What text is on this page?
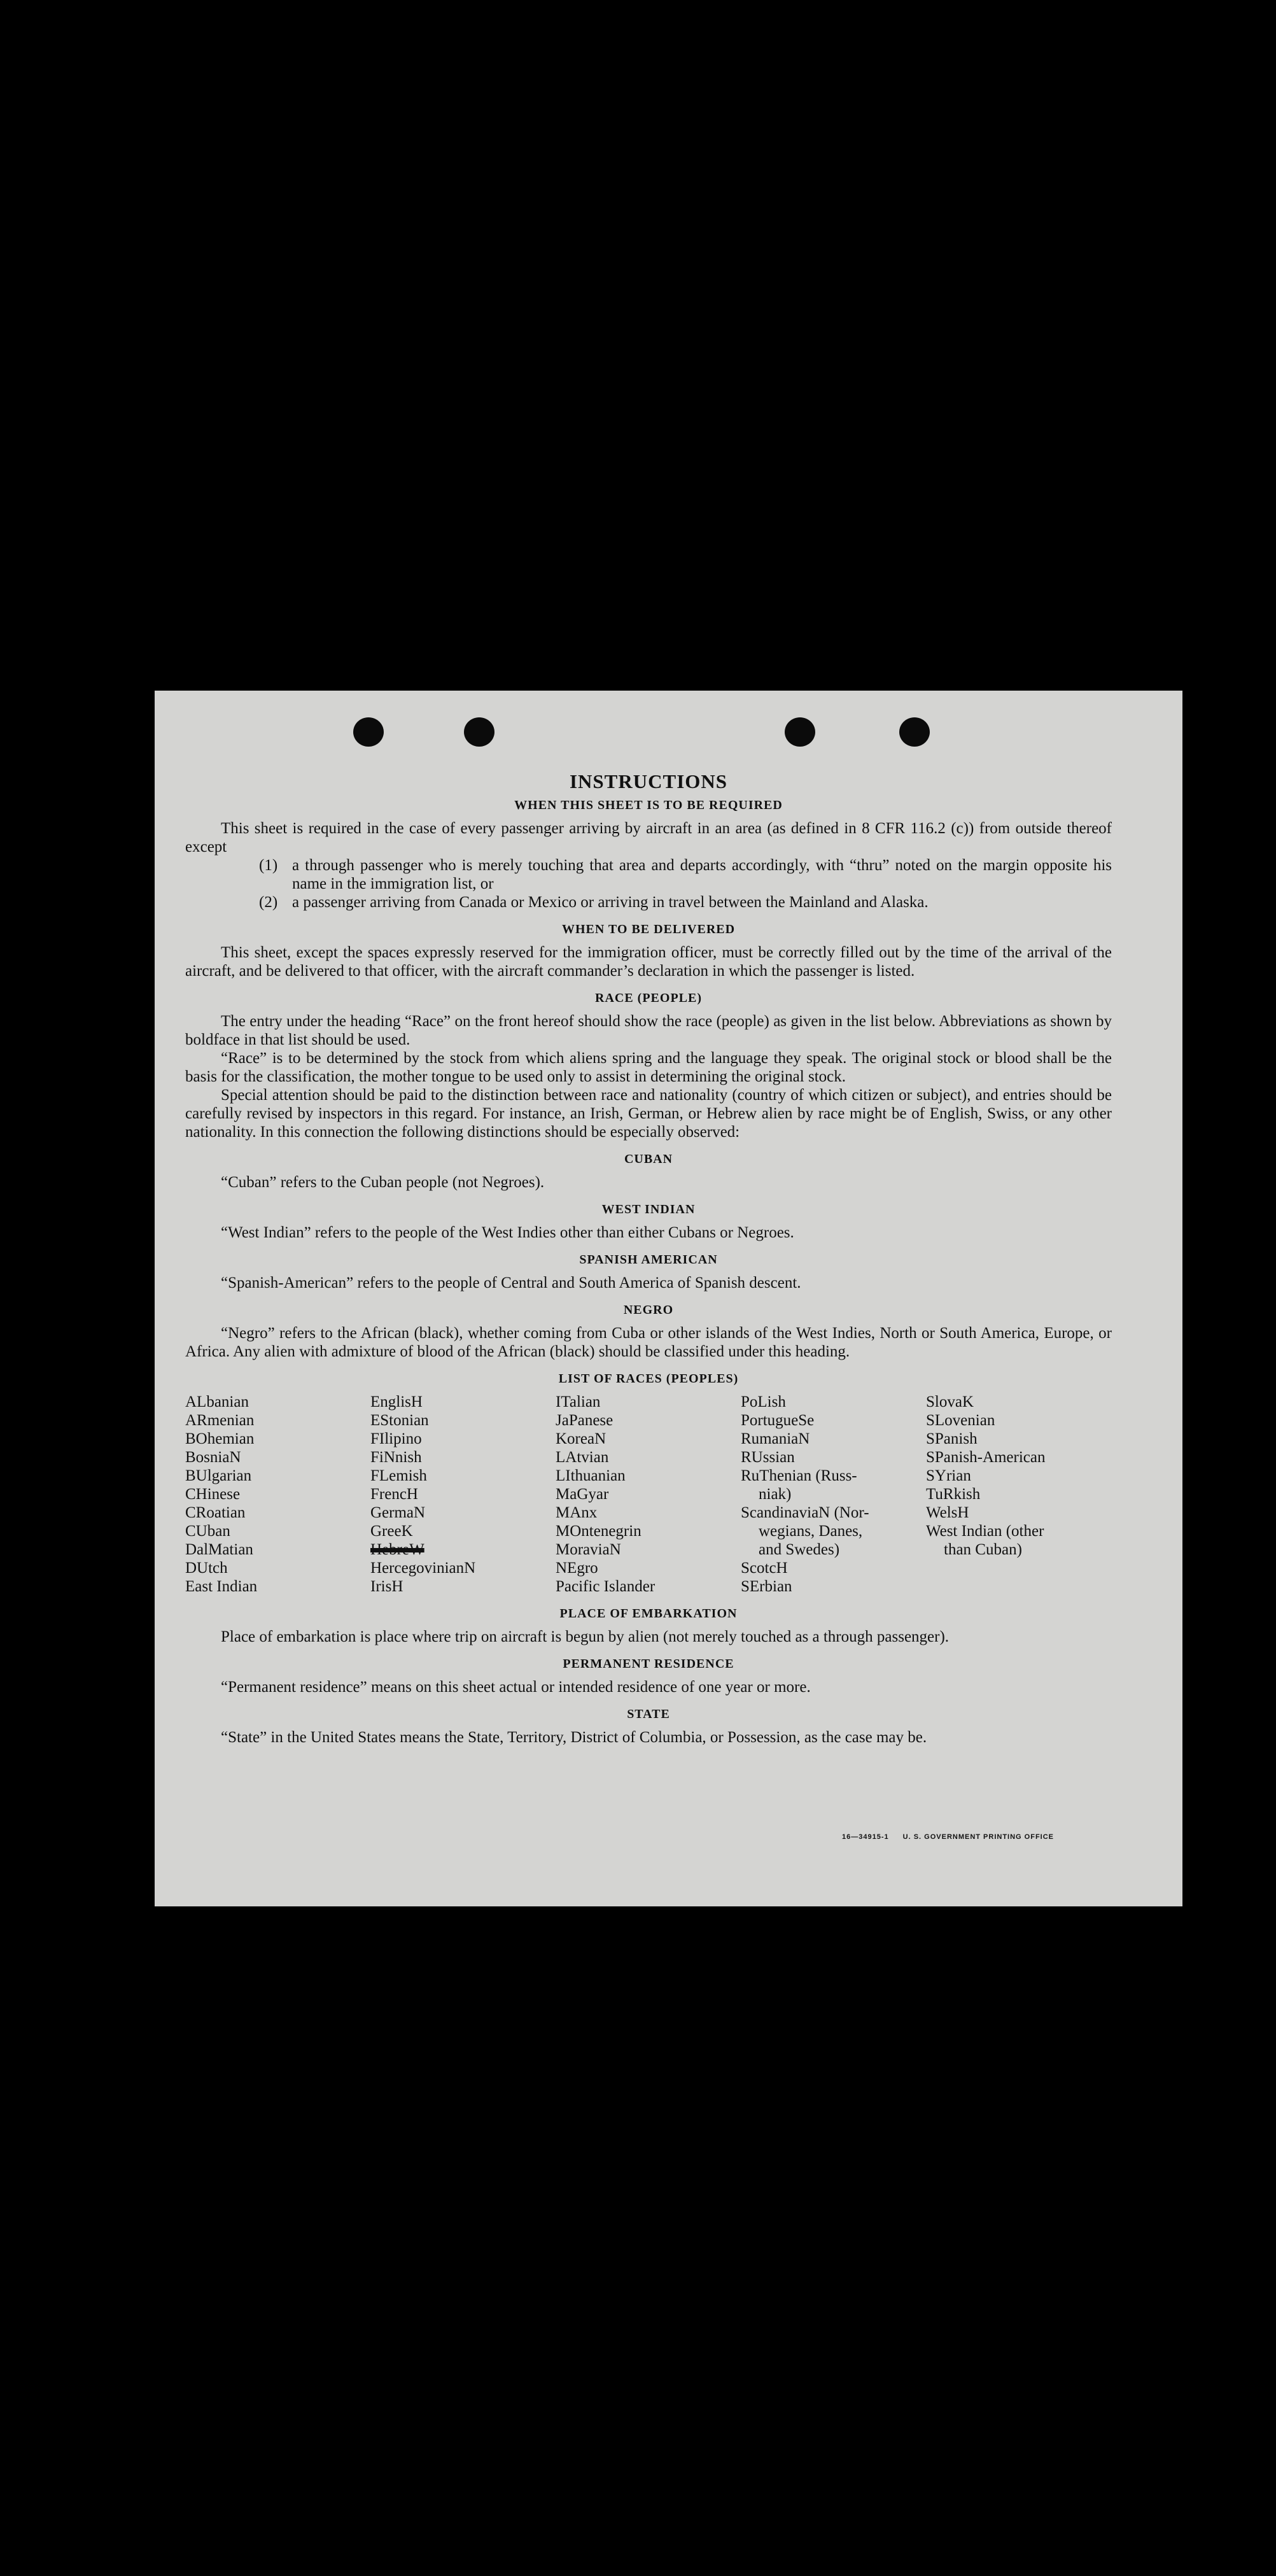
INSTRUCTIONS
WHEN THIS SHEET IS TO BE REQUIRED

This sheet is required in the case of every passenger arriving by aircraft in an area (as defined in 8 CFR 116.2 (c)) from outside thereof except

(1) a through passenger who is merely touching that area and departs accordingly, with “thru” noted on the margin opposite his name in the immigration list, or
(2) a passenger arriving from Canada or Mexico or arriving in travel between the Mainland and Alaska.
WHEN TO BE DELIVERED

This sheet, except the spaces expressly reserved for the immigration officer, must be correctly filled out by the time of the arrival of the aircraft, and be delivered to that officer, with the aircraft commander’s declaration in which the passenger is listed.

RACE (PEOPLE)

The entry under the heading “Race” on the front hereof should show the race (people) as given in the list below. Abbreviations as shown by boldface in that list should be used.

“Race” is to be determined by the stock from which aliens spring and the language they speak. The original stock or blood shall be the basis for the classification, the mother tongue to be used only to assist in determining the original stock.

Special attention should be paid to the distinction between race and nationality (country of which citizen or subject), and entries should be carefully revised by inspectors in this regard. For instance, an Irish, German, or Hebrew alien by race might be of English, Swiss, or any other nationality. In this connection the following distinctions should be especially observed:

CUBAN

“Cuban” refers to the Cuban people (not Negroes).

WEST INDIAN

“West Indian” refers to the people of the West Indies other than either Cubans or Negroes.

SPANISH AMERICAN

“Spanish-American” refers to the people of Central and South America of Spanish descent.

NEGRO

“Negro” refers to the African (black), whether coming from Cuba or other islands of the West Indies, North or South America, Europe, or Africa. Any alien with admixture of blood of the African (black) should be classified under this heading.

LIST OF RACES (PEOPLES)
ALbanian
ARmenian
BOhemian
BosniaN
BUlgarian
CHinese
CRoatian
CUban
DalMatian
DUtch
East Indian
EnglisH
EStonian
FIlipino
FiNnish
FLemish
FrencH
GermaN
GreeK
HebreW
HercegovinianN
IrisH
ITalian
JaPanese
KoreaN
LAtvian
LIthuanian
MaGyar
MAnx
MOntenegrin
MoraviaN
NEgro
Pacific Islander
PoLish
PortugueSe
RumaniaN
RUssian
RuThenian (Russ-
niak)
ScandinaviaN (Nor-
wegians, Danes,
and Swedes)
ScotcH
SErbian
SlovaK
SLovenian
SPanish
SPanish-American
SYrian
TuRkish
WelsH
West Indian (other
than Cuban)
PLACE OF EMBARKATION

Place of embarkation is place where trip on aircraft is begun by alien (not merely touched as a through passenger).

PERMANENT RESIDENCE

“Permanent residence” means on this sheet actual or intended residence of one year or more.

STATE

“State” in the United States means the State, Territory, District of Columbia, or Possession, as the case may be.

16—34915-1 U. S. GOVERNMENT PRINTING OFFICE
